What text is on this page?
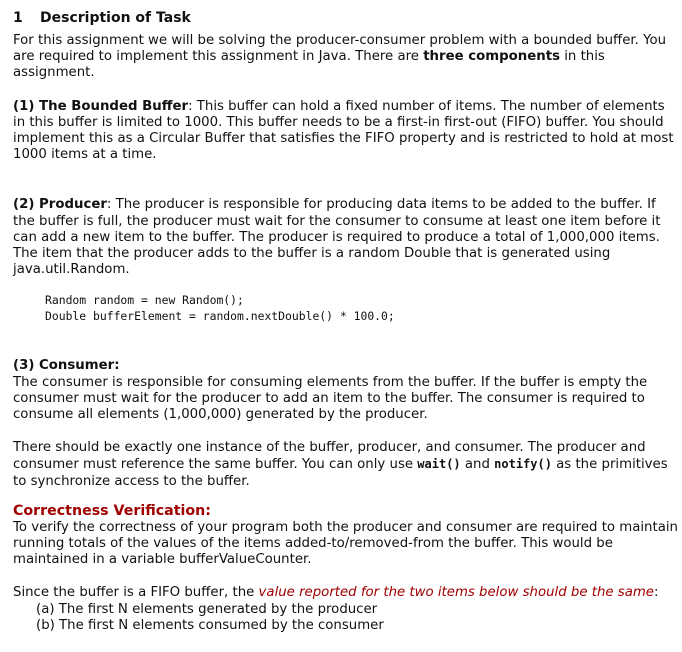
1 Description of Task

For this assignment we will be solving the producer-consumer problem with a bounded buffer. You are required to implement this assignment in Java. There are three components in this assignment.

(1) The Bounded Buffer: This buffer can hold a fixed number of items. The number of elements in this buffer is limited to 1000. This buffer needs to be a first-in first-out (FIFO) buffer. You should implement this as a Circular Buffer that satisfies the FIFO property and is restricted to hold at most 1000 items at a time.

(2) Producer: The producer is responsible for producing data items to be added to the buffer. If the buffer is full, the producer must wait for the consumer to consume at least one item before it can add a new item to the buffer. The producer is required to produce a total of 1,000,000 items. The item that the producer adds to the buffer is a random Double that is generated using java.util.Random.

Random random = new Random();
Double bufferElement = random.nextDouble() * 100.0;

(3) Consumer:
The consumer is responsible for consuming elements from the buffer. If the buffer is empty the consumer must wait for the producer to add an item to the buffer. The consumer is required to consume all elements (1,000,000) generated by the producer.

There should be exactly one instance of the buffer, producer, and consumer. The producer and consumer must reference the same buffer. You can only use wait() and notify() as the primitives to synchronize access to the buffer.

Correctness Verification:

To verify the correctness of your program both the producer and consumer are required to maintain running totals of the values of the items added-to/removed-from the buffer. This would be maintained in a variable bufferValueCounter.

Since the buffer is a FIFO buffer, the value reported for the two items below should be the same:

(a) The first N elements generated by the producer
(b) The first N elements consumed by the consumer
